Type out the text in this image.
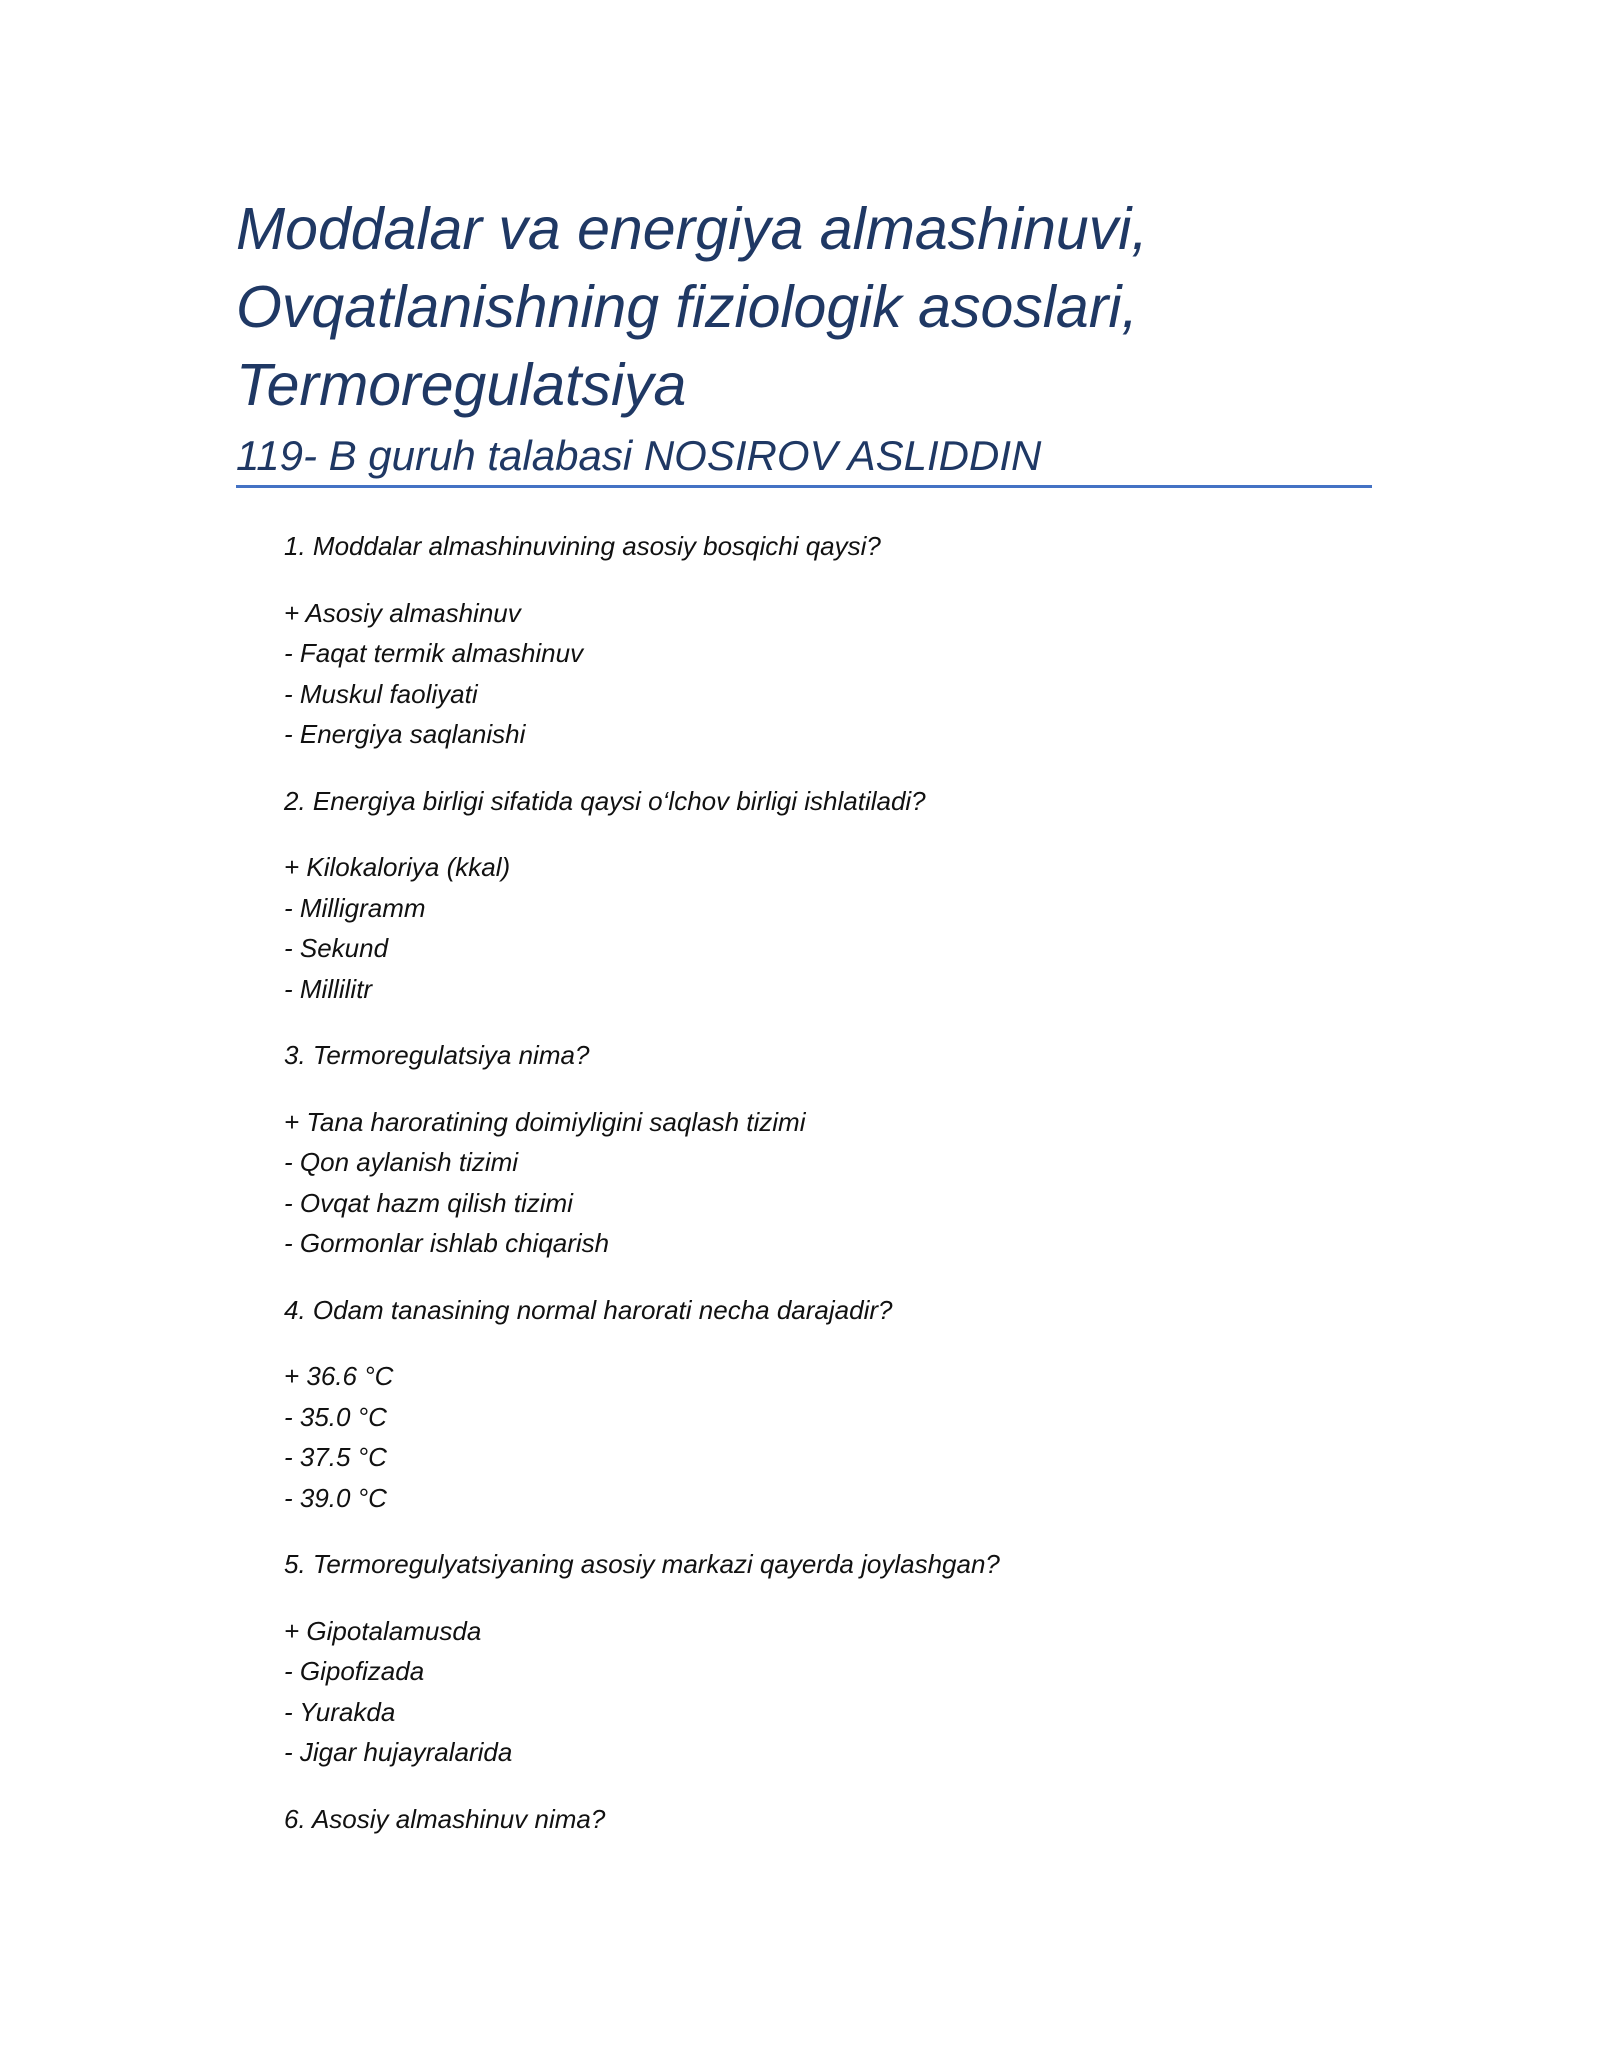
Moddalar va energiya almashinuvi,

Ovqatlanishning fiziologik asoslari,

Termoregulatsiya

119- B guruh talabasi NOSIROV ASLIDDIN

1. Moddalar almashinuvining asosiy bosqichi qaysi?

+ Asosiy almashinuv

- Faqat termik almashinuv

- Muskul faoliyati

- Energiya saqlanishi

2. Energiya birligi sifatida qaysi o‘lchov birligi ishlatiladi?

+ Kilokaloriya (kkal)

- Milligramm

- Sekund

- Millilitr

3. Termoregulatsiya nima?

+ Tana haroratining doimiyligini saqlash tizimi

- Qon aylanish tizimi

- Ovqat hazm qilish tizimi

- Gormonlar ishlab chiqarish

4. Odam tanasining normal harorati necha darajadir?

+ 36.6 °C

- 35.0 °C

- 37.5 °C

- 39.0 °C

5. Termoregulyatsiyaning asosiy markazi qayerda joylashgan?

+ Gipotalamusda

- Gipofizada

- Yurakda

- Jigar hujayralarida

6. Asosiy almashinuv nima?
